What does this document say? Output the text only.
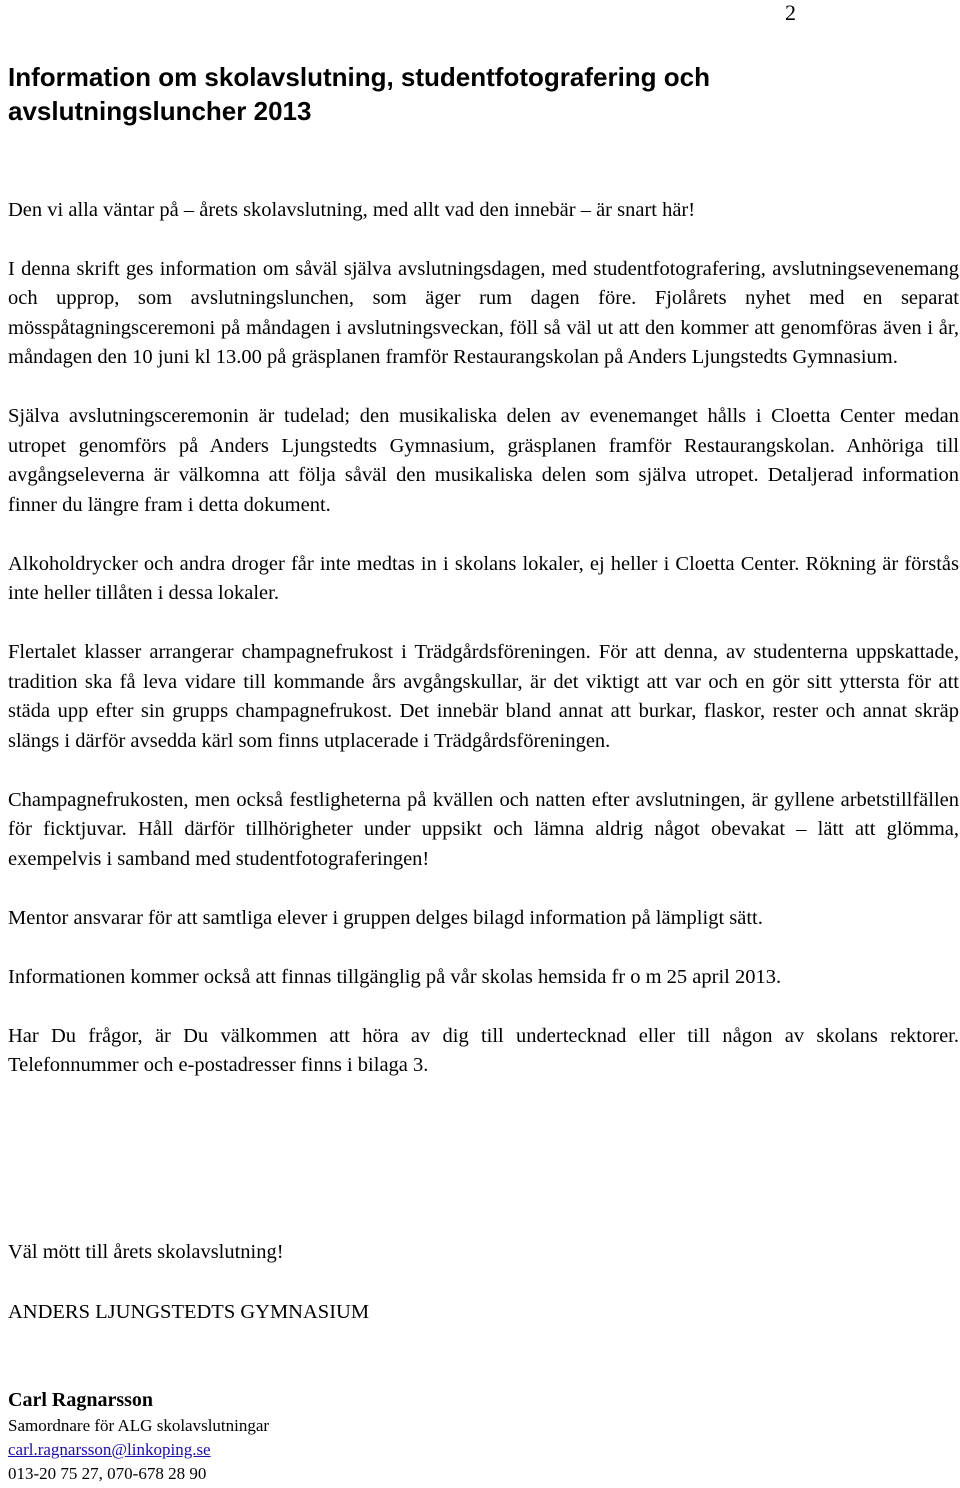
2

Information om skolavslutning, studentfotografering och avslutningsluncher 2013

Den vi alla väntar på – årets skolavslutning, med allt vad den innebär – är snart här!

I denna skrift ges information om såväl själva avslutningsdagen, med studentfotografering, avslutningsevenemang och upprop, som avslutningslunchen, som äger rum dagen före. Fjolårets nyhet med en separat mösspåtagningsceremoni på måndagen i avslutningsveckan, föll så väl ut att den kommer att genomföras även i år, måndagen den 10 juni kl 13.00 på gräsplanen framför Restaurangskolan på Anders Ljungstedts Gymnasium.

Själva avslutningsceremonin är tudelad; den musikaliska delen av evenemanget hålls i Cloetta Center medan utropet genomförs på Anders Ljungstedts Gymnasium, gräsplanen framför Restaurangskolan. Anhöriga till avgångseleverna är välkomna att följa såväl den musikaliska delen som själva utropet. Detaljerad information finner du längre fram i detta dokument.

Alkoholdrycker och andra droger får inte medtas in i skolans lokaler, ej heller i Cloetta Center. Rökning är förstås inte heller tillåten i dessa lokaler.

Flertalet klasser arrangerar champagnefrukost i Trädgårdsföreningen. För att denna, av studenterna uppskattade, tradition ska få leva vidare till kommande års avgångskullar, är det viktigt att var och en gör sitt yttersta för att städa upp efter sin grupps champagnefrukost. Det innebär bland annat att burkar, flaskor, rester och annat skräp slängs i därför avsedda kärl som finns utplacerade i Trädgårdsföreningen.

Champagnefrukosten, men också festligheterna på kvällen och natten efter avslutningen, är gyllene arbetstillfällen för ficktjuvar. Håll därför tillhörigheter under uppsikt och lämna aldrig något obevakat – lätt att glömma, exempelvis i samband med studentfotograferingen!

Mentor ansvarar för att samtliga elever i gruppen delges bilagd information på lämpligt sätt.

Informationen kommer också att finnas tillgänglig på vår skolas hemsida fr o m 25 april 2013.

Har Du frågor, är Du välkommen att höra av dig till undertecknad eller till någon av skolans rektorer. Telefonnummer och e-postadresser finns i bilaga 3.

Väl mött till årets skolavslutning!

ANDERS LJUNGSTEDTS GYMNASIUM

Carl Ragnarsson
Samordnare för ALG skolavslutningar
carl.ragnarsson@linkoping.se
013-20 75 27, 070-678 28 90
